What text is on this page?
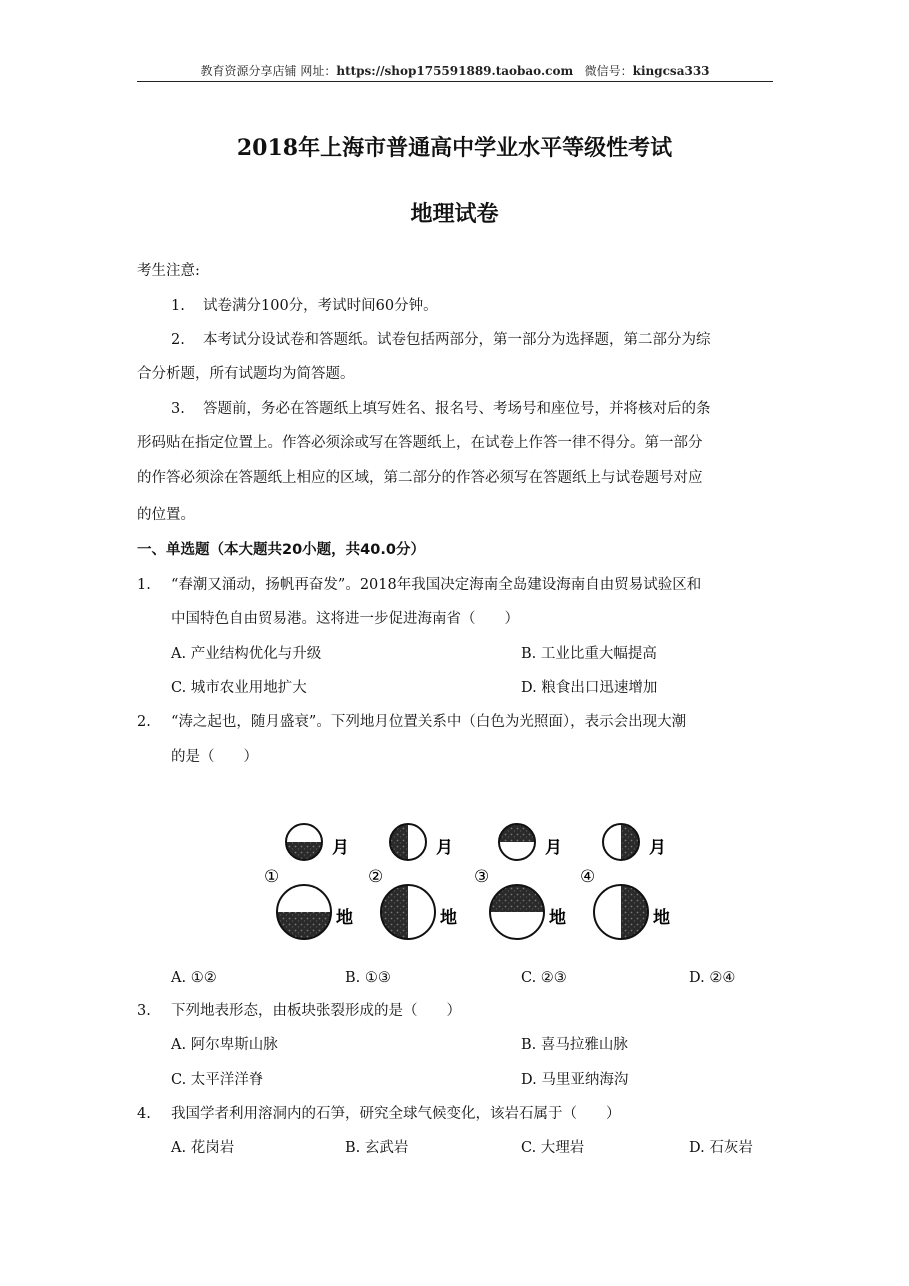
教育资源分享店铺 网址：https://shop175591889.taobao.com 微信号：kingcsa333
2018年上海市普通高中学业水平等级性考试
地理试卷
考生注意:
1. 试卷满分100分，考试时间60分钟。
2. 本考试分设试卷和答题纸。试卷包括两部分，第一部分为选择题，第二部分为综
合分析题，所有试题均为简答题。
3. 答题前，务必在答题纸上填写姓名、报名号、考场号和座位号，并将核对后的条
形码贴在指定位置上。作答必须涂或写在答题纸上，在试卷上作答一律不得分。第一部分
的作答必须涂在答题纸上相应的区域，第二部分的作答必须写在答题纸上与试卷题号对应
的位置。
一、单选题（本大题共20小题，共40.0分）
1. “春潮又涌动，扬帆再奋发”。2018年我国决定海南全岛建设海南自由贸易试验区和
中国特色自由贸易港。这将进一步促进海南省（　　）
A. 产业结构优化与升级	B. 工业比重大幅提高
C. 城市农业用地扩大	D. 粮食出口迅速增加
2. “涛之起也，随月盛衰”。下列地月位置关系中（白色为光照面），表示会出现大潮
的是（　　）
月
①
地
月
②
地
月
③
地
月
④
地
A. ①②	B. ①③	C. ②③	D. ②④
3. 下列地表形态，由板块张裂形成的是（　　）
A. 阿尔卑斯山脉	B. 喜马拉雅山脉
C. 太平洋洋脊	D. 马里亚纳海沟
4. 我国学者利用溶洞内的石笋，研究全球气候变化，该岩石属于（　　）
A. 花岗岩	B. 玄武岩	C. 大理岩	D. 石灰岩
